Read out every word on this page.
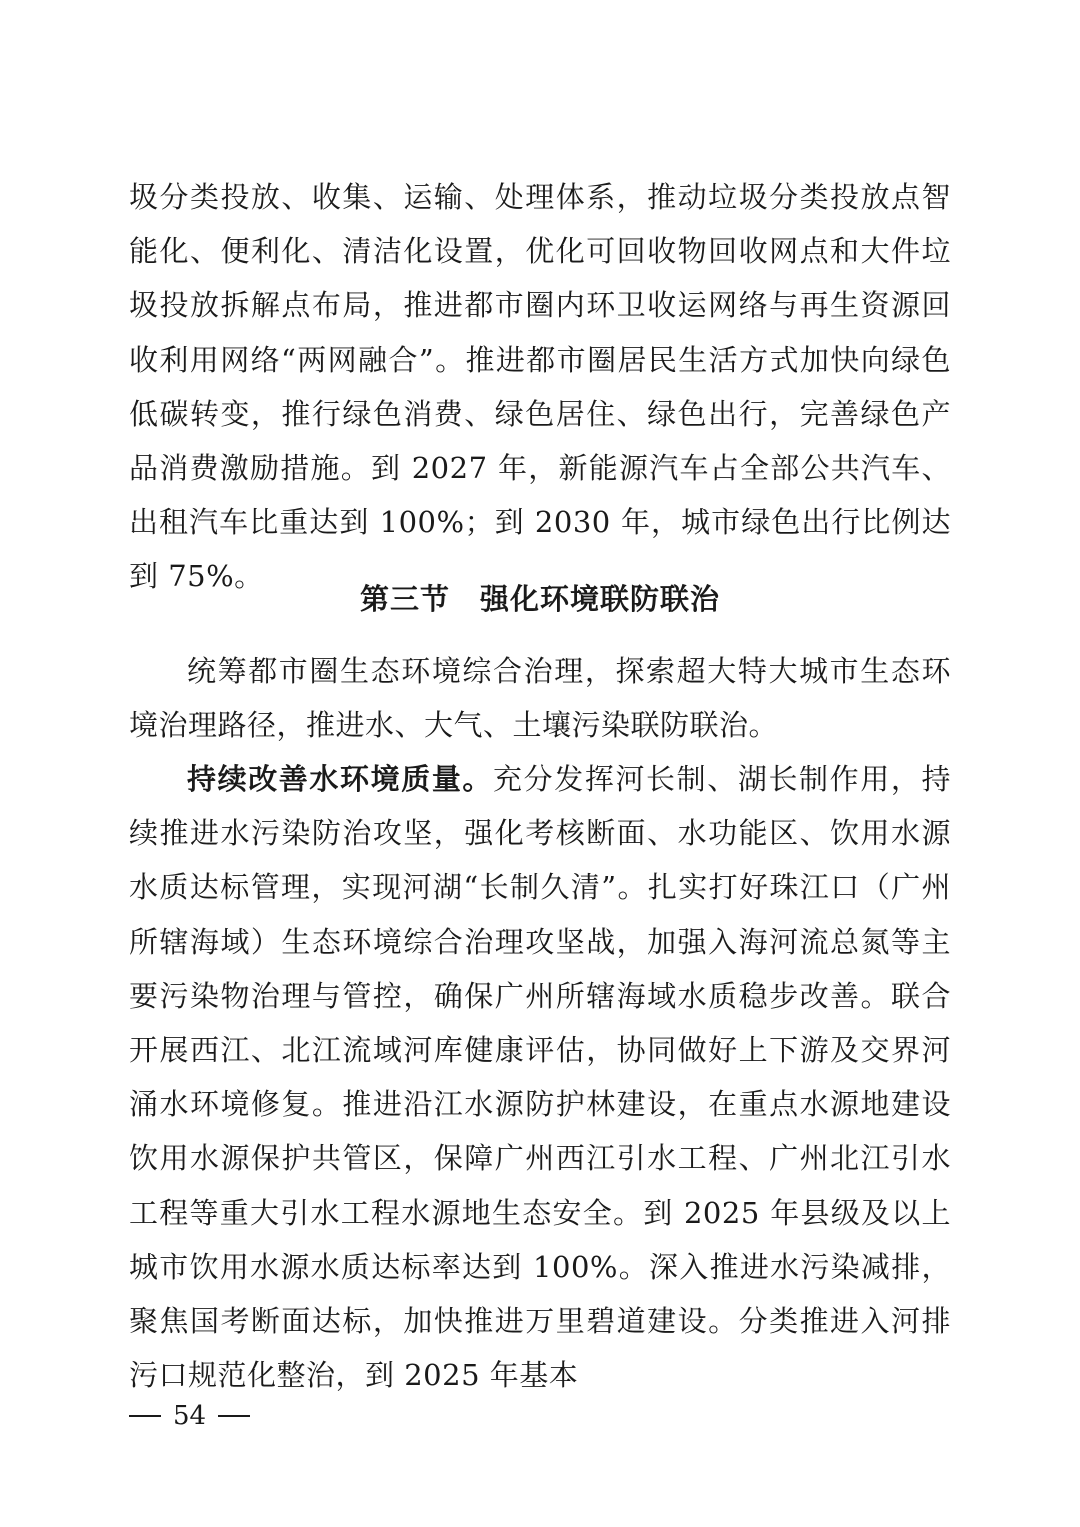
圾分类投放、收集、运输、处理体系，推动垃圾分类投放点智能化、便利化、清洁化设置，优化可回收物回收网点和大件垃圾投放拆解点布局，推进都市圈内环卫收运网络与再生资源回收利用网络“两网融合”。推进都市圈居民生活方式加快向绿色低碳转变，推行绿色消费、绿色居住、绿色出行，完善绿色产品消费激励措施。到 2027 年，新能源汽车占全部公共汽车、出租汽车比重达到 100%；到 2030 年，城市绿色出行比例达到 75%。

第三节 强化环境联防联治

统筹都市圈生态环境综合治理，探索超大特大城市生态环境治理路径，推进水、大气、土壤污染联防联治。

持续改善水环境质量。充分发挥河长制、湖长制作用，持续推进水污染防治攻坚，强化考核断面、水功能区、饮用水源水质达标管理，实现河湖“长制久清”。扎实打好珠江口（广州所辖海域）生态环境综合治理攻坚战，加强入海河流总氮等主要污染物治理与管控，确保广州所辖海域水质稳步改善。联合开展西江、北江流域河库健康评估，协同做好上下游及交界河涌水环境修复。推进沿江水源防护林建设，在重点水源地建设饮用水源保护共管区，保障广州西江引水工程、广州北江引水工程等重大引水工程水源地生态安全。到 2025 年县级及以上城市饮用水源水质达标率达到 100%。深入推进水污染减排，聚焦国考断面达标，加快推进万里碧道建设。分类推进入河排污口规范化整治，到 2025 年基本

54
